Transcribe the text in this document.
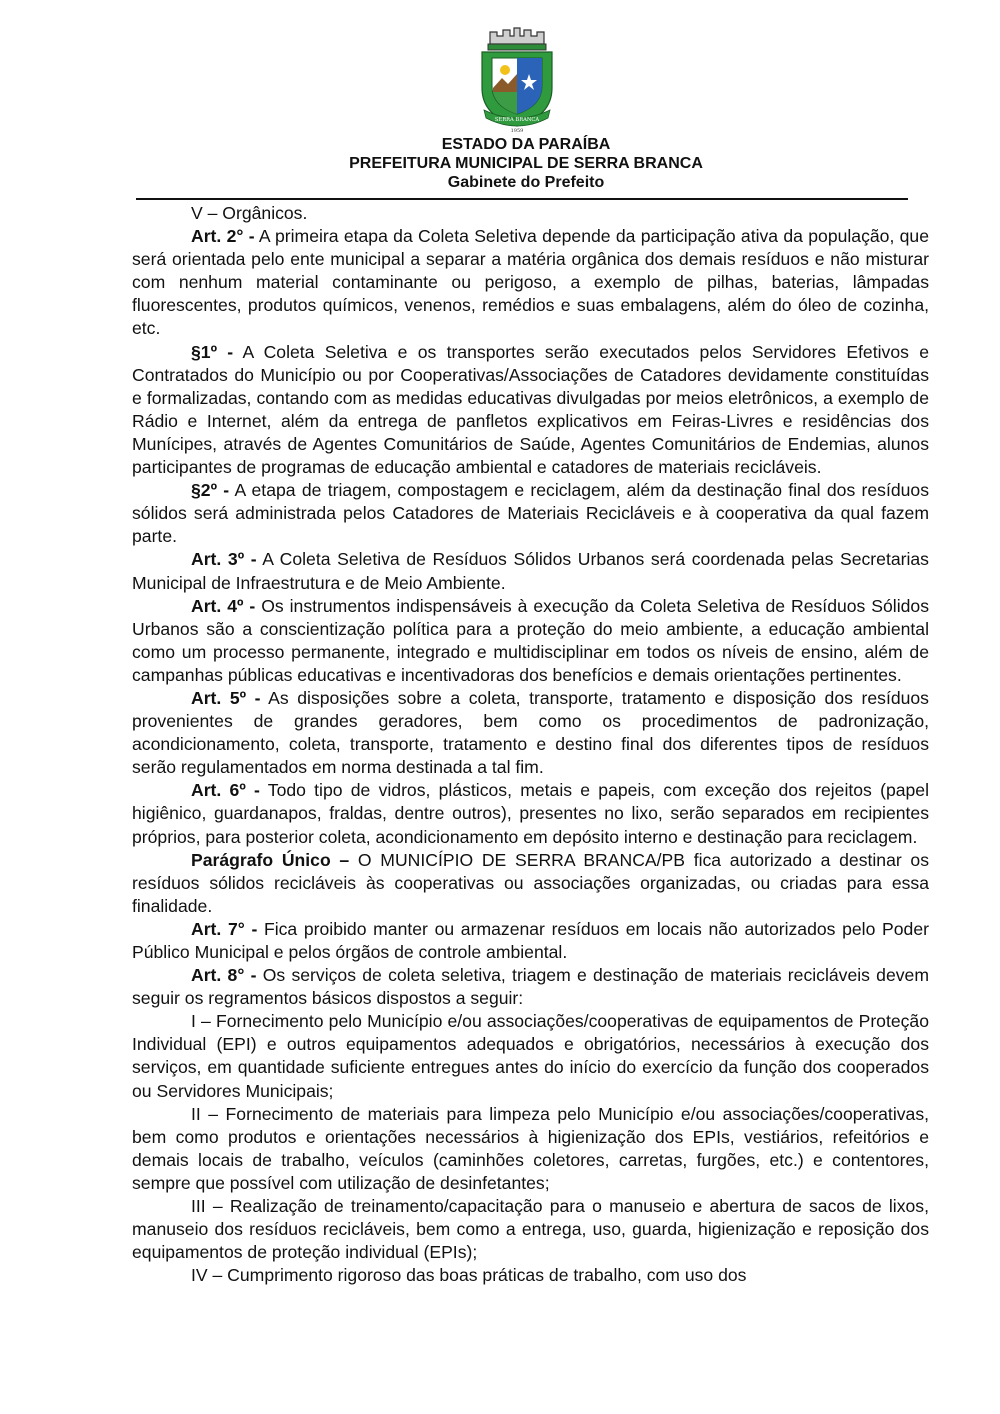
SERRA BRANCA
1959
ESTADO DA PARAÍBA
PREFEITURA MUNICIPAL DE SERRA BRANCA
Gabinete do Prefeito

V – Orgânicos.

Art. 2° - A primeira etapa da Coleta Seletiva depende da participação ativa da população, que será orientada pelo ente municipal a separar a matéria orgânica dos demais resíduos e não misturar com nenhum material contaminante ou perigoso, a exemplo de pilhas, baterias, lâmpadas fluorescentes, produtos químicos, venenos, remédios e suas embalagens, além do óleo de cozinha, etc.

§1º - A Coleta Seletiva e os transportes serão executados pelos Servidores Efetivos e Contratados do Município ou por Cooperativas/Associações de Catadores devidamente constituídas e formalizadas, contando com as medidas educativas divulgadas por meios eletrônicos, a exemplo de Rádio e Internet, além da entrega de panfletos explicativos em Feiras-Livres e residências dos Munícipes, através de Agentes Comunitários de Saúde, Agentes Comunitários de Endemias, alunos participantes de programas de educação ambiental e catadores de materiais recicláveis.

§2º - A etapa de triagem, compostagem e reciclagem, além da destinação final dos resíduos sólidos será administrada pelos Catadores de Materiais Recicláveis e à cooperativa da qual fazem parte.

Art. 3º - A Coleta Seletiva de Resíduos Sólidos Urbanos será coordenada pelas Secretarias Municipal de Infraestrutura e de Meio Ambiente.

Art. 4º - Os instrumentos indispensáveis à execução da Coleta Seletiva de Resíduos Sólidos Urbanos são a conscientização política para a proteção do meio ambiente, a educação ambiental como um processo permanente, integrado e multidisciplinar em todos os níveis de ensino, além de campanhas públicas educativas e incentivadoras dos benefícios e demais orientações pertinentes.

Art. 5º - As disposições sobre a coleta, transporte, tratamento e disposição dos resíduos provenientes de grandes geradores, bem como os procedimentos de padronização, acondicionamento, coleta, transporte, tratamento e destino final dos diferentes tipos de resíduos serão regulamentados em norma destinada a tal fim.

Art. 6º - Todo tipo de vidros, plásticos, metais e papeis, com exceção dos rejeitos (papel higiênico, guardanapos, fraldas, dentre outros), presentes no lixo, serão separados em recipientes próprios, para posterior coleta, acondicionamento em depósito interno e destinação para reciclagem.

Parágrafo Único – O MUNICÍPIO DE SERRA BRANCA/PB fica autorizado a destinar os resíduos sólidos recicláveis às cooperativas ou associações organizadas, ou criadas para essa finalidade.

Art. 7° - Fica proibido manter ou armazenar resíduos em locais não autorizados pelo Poder Público Municipal e pelos órgãos de controle ambiental.

Art. 8° - Os serviços de coleta seletiva, triagem e destinação de materiais recicláveis devem seguir os regramentos básicos dispostos a seguir:

I – Fornecimento pelo Município e/ou associações/cooperativas de equipamentos de Proteção Individual (EPI) e outros equipamentos adequados e obrigatórios, necessários à execução dos serviços, em quantidade suficiente entregues antes do início do exercício da função dos cooperados ou Servidores Municipais;

II – Fornecimento de materiais para limpeza pelo Município e/ou associações/cooperativas, bem como produtos e orientações necessários à higienização dos EPIs, vestiários, refeitórios e demais locais de trabalho, veículos (caminhões coletores, carretas, furgões, etc.) e contentores, sempre que possível com utilização de desinfetantes;

III – Realização de treinamento/capacitação para o manuseio e abertura de sacos de lixos, manuseio dos resíduos recicláveis, bem como a entrega, uso, guarda, higienização e reposição dos equipamentos de proteção individual (EPIs);

IV – Cumprimento rigoroso das boas práticas de trabalho, com uso dos
